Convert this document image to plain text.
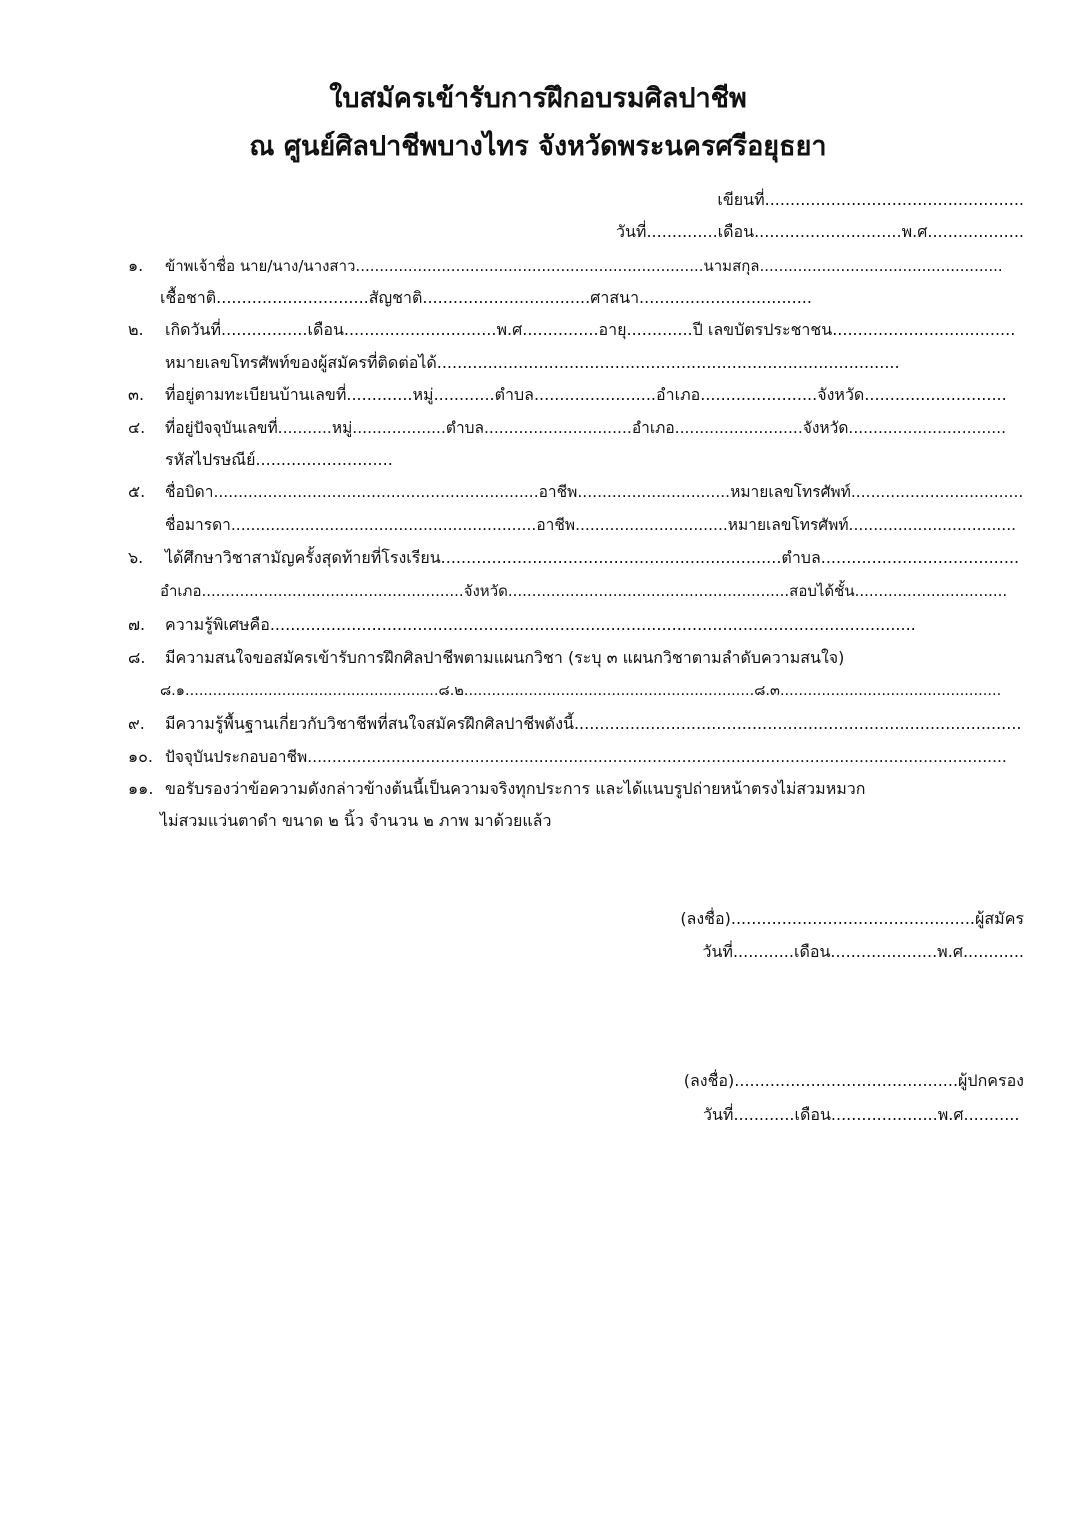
ใบสมัครเข้ารับการฝึกอบรมศิลปาชีพ
ณ ศูนย์ศิลปาชีพบางไทร จังหวัดพระนครศรีอยุธยา
เขียนที่...................................................
วันที่..............เดือน.............................พ.ศ...................
๑. ข้าพเจ้าชื่อ นาย/นาง/นางสาว.........................................................................นามสกุล...................................................
เชื้อชาติ..............................สัญชาติ.................................ศาสนา..................................
๒. เกิดวันที่.................เดือน..............................พ.ศ...............อายุ.............ปี เลขบัตรประชาชน....................................
หมายเลขโทรศัพท์ของผู้สมัครที่ติดต่อได้...........................................................................................
๓. ที่อยู่ตามทะเบียนบ้านเลขที่.............หมู่............ตำบล........................อำเภอ.......................จังหวัด............................
๔. ที่อยู่ปัจจุบันเลขที่...........หมู่...................ตำบล..............................อำเภอ..........................จังหวัด................................
รหัสไปรษณีย์...........................
๕. ชื่อบิดา..................................................................อาชีพ...............................หมายเลขโทรศัพท์...................................
ชื่อมารดา..............................................................อาชีพ...............................หมายเลขโทรศัพท์..................................
๖. ได้ศึกษาวิชาสามัญครั้งสุดท้ายที่โรงเรียน...................................................................ตำบล.......................................
อำเภอ.......................................................จังหวัด...........................................................สอบได้ชั้น................................
๗. ความรู้พิเศษคือ...............................................................................................................................
๘. มีความสนใจขอสมัครเข้ารับการฝึกศิลปาชีพตามแผนกวิชา (ระบุ ๓ แผนกวิชาตามลำดับความสนใจ)
๘.๑.......................................................๘.๒...............................................................๘.๓................................................
๙. มีความรู้พื้นฐานเกี่ยวกับวิชาชีพที่สนใจสมัครฝึกศิลปาชีพดังนี้........................................................................................
๑๐. ปัจจุบันประกอบอาชีพ..............................................................................................................................................
๑๑. ขอรับรองว่าข้อความดังกล่าวข้างต้นนี้เป็นความจริงทุกประการ และได้แนบรูปถ่ายหน้าตรงไม่สวมหมวก
ไม่สวมแว่นตาดำ ขนาด ๒ นิ้ว จำนวน ๒ ภาพ มาด้วยแล้ว
(ลงชื่อ)................................................ผู้สมัคร
วันที่............เดือน.....................พ.ศ............
(ลงชื่อ)............................................ผู้ปกครอง
วันที่............เดือน.....................พ.ศ...........
